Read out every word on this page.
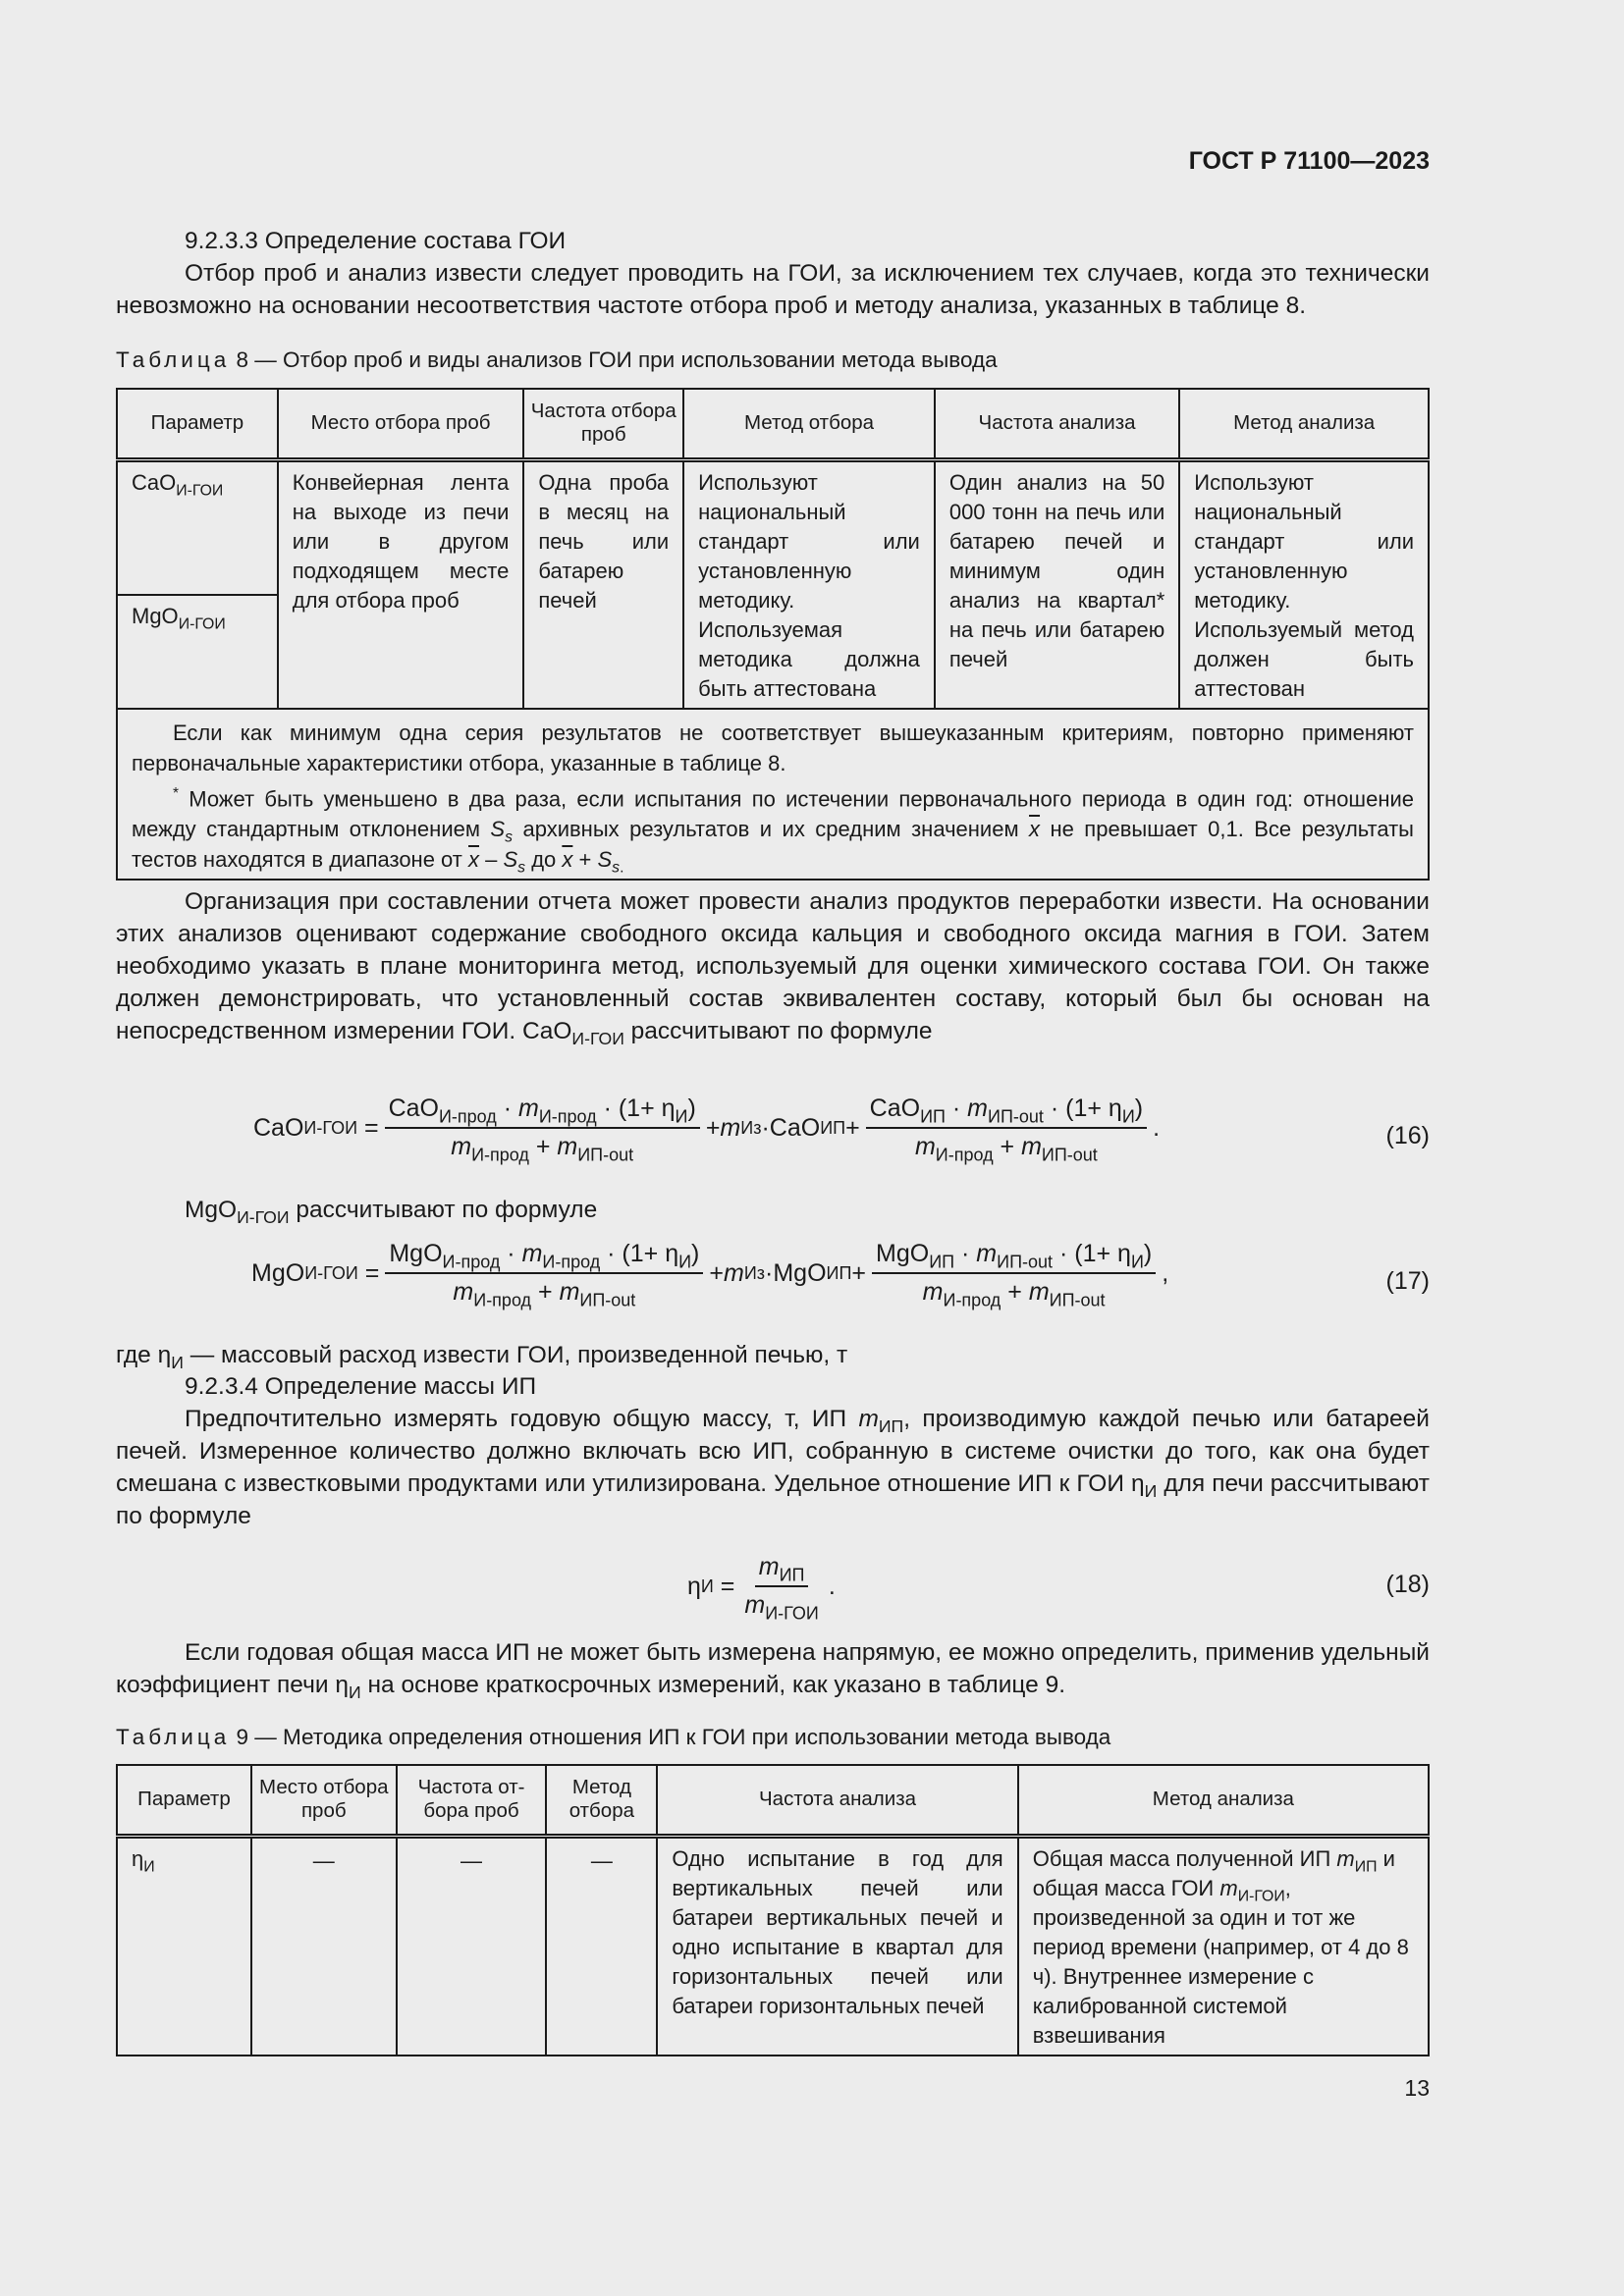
ГОСТ Р 71100—2023
9.2.3.3 Определение состава ГОИ
Отбор проб и анализ извести следует проводить на ГОИ, за исключением тех случаев, когда это технически невозможно на основании несоответствия частоте отбора проб и методу анализа, указанных в таблице 8.
Таблица 8 — Отбор проб и виды анализов ГОИ при использовании метода вывода
Параметр	Место отбора проб	Частота отбора проб	Метод отбора	Частота анализа	Метод анализа
CaO$_{И-ГОИ}$	Конвейерная лента на выходе из печи или в другом подходящем месте для отбора проб	Одна проба в месяц на печь или батарею печей	Используют национальный стандарт или установленную методику. Используемая методика должна быть аттестована	Один анализ на 50 000 тонн на печь или батарею печей и минимум один анализ на квартал* на печь или батарею печей	Используют национальный стандарт или установленную методику. Используемый метод должен быть аттестован
MgO$_{И-ГОИ}$

Если как минимум одна серия результатов не соответствует вышеуказанным критериям, повторно применяют первоначальные характеристики отбора, указанные в таблице 8.
* Может быть уменьшено в два раза, если испытания по истечении первоначального периода в один год: отношение между стандартным отклонением $S_s$ архивных результатов и их средним значением $\overline{x}$ не превышает 0,1. Все результаты тестов находятся в диапазоне от $\overline{x} - S_s$ до $\overline{x} + S_{s.}$
Организация при составлении отчета может провести анализ продуктов переработки извести. На основании этих анализов оценивают содержание свободного оксида кальция и свободного оксида магния в ГОИ. Затем необходимо указать в плане мониторинга метод, используемый для оценки химического состава ГОИ. Он также должен демонстрировать, что установленный состав эквивалентен составу, который был бы основан на непосредственном измерении ГОИ. CaO$_{И-ГОИ}$ рассчитывают по формуле
CaO $И-ГОИ = \frac{CaO_{И-прод} \cdot m_{И-прод} \cdot (1+ \eta_И)}{m_{И-прод} + m_{ИП-out}} + m$ Из · CaO ИП + $\frac{CaO_{ИП} \cdot m_{ИП-out} \cdot (1+ \eta_И)}{m_{И-прод} + m_{ИП-out}}$ .	(16)
MgO$_{И-ГОИ}$ рассчитывают по формуле
MgO $И-ГОИ = \frac{MgO_{И-прод} \cdot m_{И-прод} \cdot (1+ \eta_И)}{m_{И-прод} + m_{ИП-out}} + m$ Из · MgO ИП + $\frac{MgO_{ИП} \cdot m_{ИП-out} \cdot (1+ \eta_И)}{m_{И-прод} + m_{ИП-out}}$ ,	(17)
где $\eta_И$ — массовый расход извести ГОИ, произведенной печью, т
9.2.3.4 Определение массы ИП
Предпочтительно измерять годовую общую массу, т, ИП $m_{ИП}$, производимую каждой печью или батареей печей. Измеренное количество должно включать всю ИП, собранную в системе очистки до того, как она будет смешана с известковыми продуктами или утилизирована. Удельное отношение ИП к ГОИ $\eta_И$ для печи рассчитывают по формуле
η $И = \frac{m_{ИП}}{m_{И-ГОИ}}$ .	(18)
Если годовая общая масса ИП не может быть измерена напрямую, ее можно определить, применив удельный коэффициент печи $\eta_И$ на основе краткосрочных измерений, как указано в таблице 9.
Таблица 9 — Методика определения отношения ИП к ГОИ при использовании метода вывода
Параметр	Место отбора проб	Частота отбора проб	Метод отбора	Частота анализа	Метод анализа
$\eta_И$	—	—	—	Одно испытание в год для вертикальных печей или батареи вертикальных печей и одно испытание в квартал для горизонтальных печей или батареи горизонтальных печей	Общая масса полученной ИП $m_{ИП}$ и общая масса ГОИ $m_{И-ГОИ}$, произведенной за один и тот же период времени (например, от 4 до 8 ч). Внутреннее измерение с калиброванной системой взвешивания
13
